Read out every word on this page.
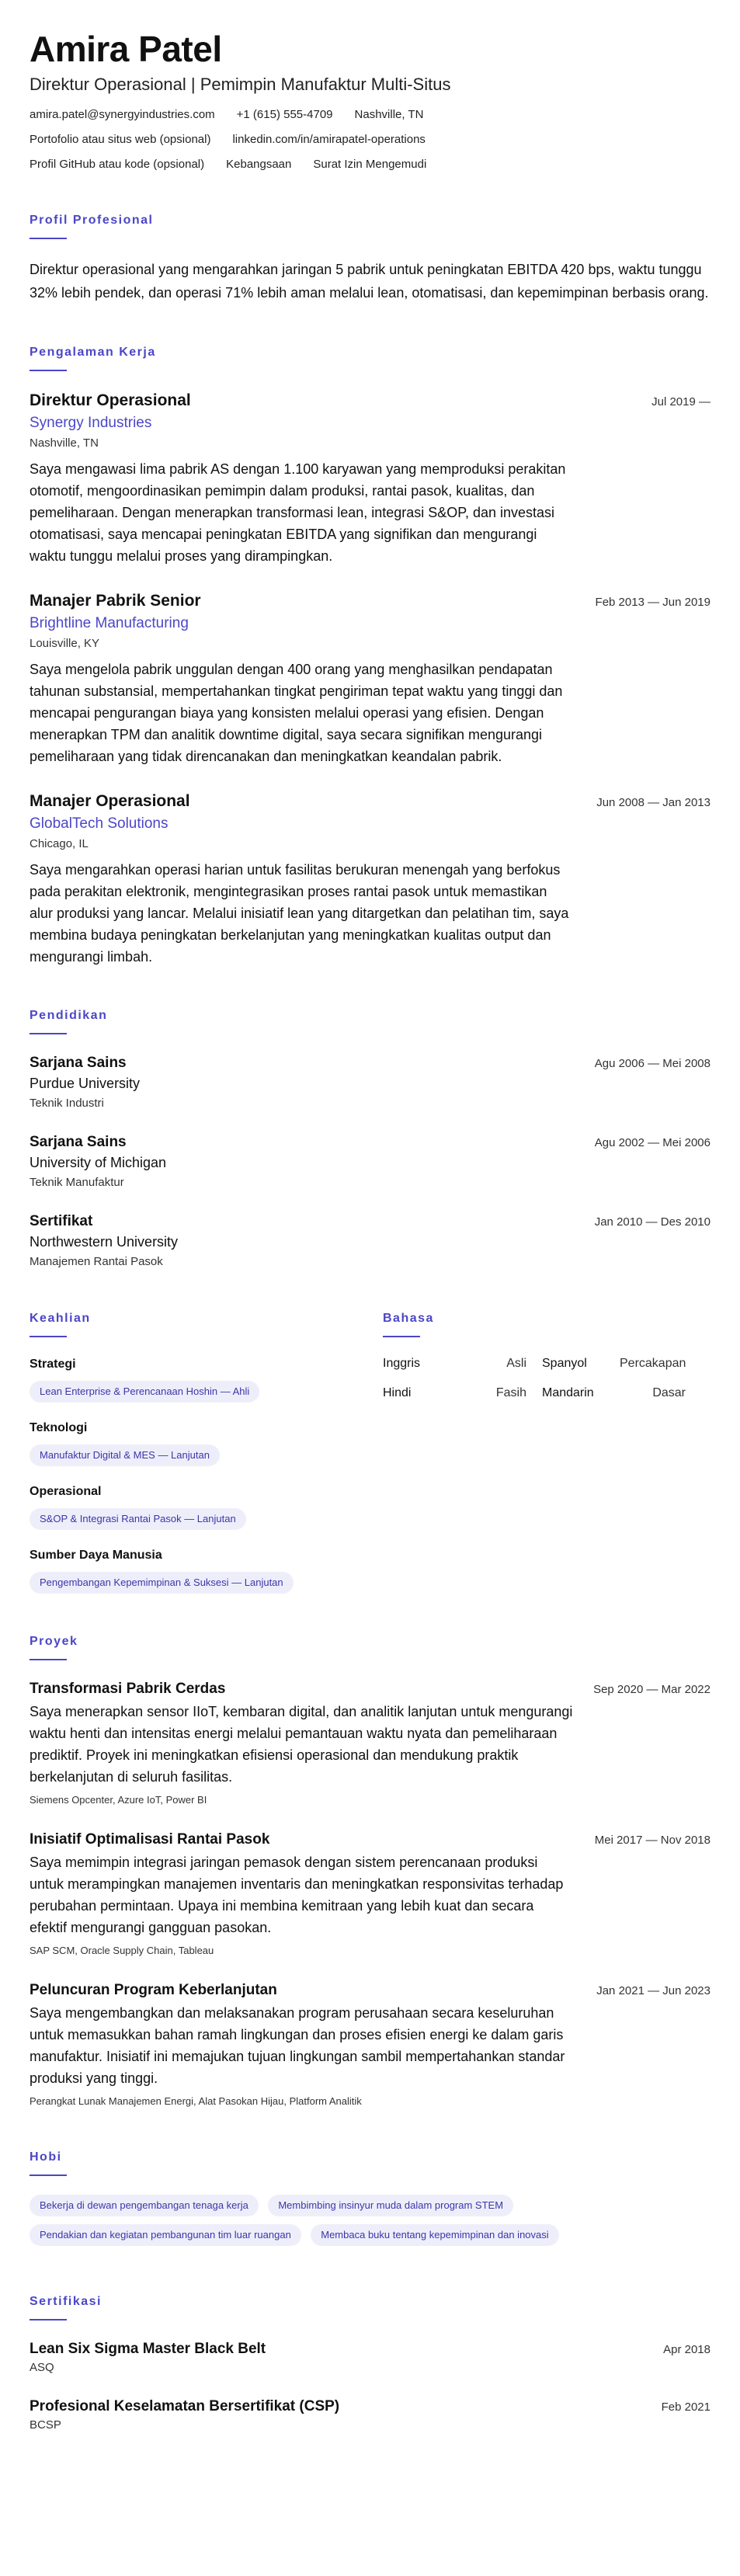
Amira Patel
Direktur Operasional | Pemimpin Manufaktur Multi-Situs
amira.patel@synergyindustries.com +1 (615) 555-4709 Nashville, TN
Portofolio atau situs web (opsional) linkedin.com/in/amirapatel-operations
Profil GitHub atau kode (opsional) Kebangsaan Surat Izin Mengemudi
Profil Profesional

Direktur operasional yang mengarahkan jaringan 5 pabrik untuk peningkatan EBITDA 420 bps, waktu tunggu 32% lebih pendek, dan operasi 71% lebih aman melalui lean, otomatisasi, dan kepemimpinan berbasis orang.

Pengalaman Kerja
Direktur Operasional	Jul 2019 —
Synergy Industries
Nashville, TN
Saya mengawasi lima pabrik AS dengan 1.100 karyawan yang memproduksi perakitan otomotif, mengoordinasikan pemimpin dalam produksi, rantai pasok, kualitas, dan pemeliharaan. Dengan menerapkan transformasi lean, integrasi S&OP, dan investasi otomatisasi, saya mencapai peningkatan EBITDA yang signifikan dan mengurangi waktu tunggu melalui proses yang dirampingkan.
Manajer Pabrik Senior	Feb 2013 — Jun 2019
Brightline Manufacturing
Louisville, KY
Saya mengelola pabrik unggulan dengan 400 orang yang menghasilkan pendapatan tahunan substansial, mempertahankan tingkat pengiriman tepat waktu yang tinggi dan mencapai pengurangan biaya yang konsisten melalui operasi yang efisien. Dengan menerapkan TPM dan analitik downtime digital, saya secara signifikan mengurangi pemeliharaan yang tidak direncanakan dan meningkatkan keandalan pabrik.
Manajer Operasional	Jun 2008 — Jan 2013
GlobalTech Solutions
Chicago, IL
Saya mengarahkan operasi harian untuk fasilitas berukuran menengah yang berfokus pada perakitan elektronik, mengintegrasikan proses rantai pasok untuk memastikan alur produksi yang lancar. Melalui inisiatif lean yang ditargetkan dan pelatihan tim, saya membina budaya peningkatan berkelanjutan yang meningkatkan kualitas output dan mengurangi limbah.
Pendidikan
Sarjana Sains	Agu 2006 — Mei 2008
Purdue University
Teknik Industri
Sarjana Sains	Agu 2002 — Mei 2006
University of Michigan
Teknik Manufaktur
Sertifikat	Jan 2010 — Des 2010
Northwestern University
Manajemen Rantai Pasok
Keahlian
Strategi
Lean Enterprise & Perencanaan Hoshin — Ahli
Teknologi
Manufaktur Digital & MES — Lanjutan
Operasional
S&OP & Integrasi Rantai Pasok — Lanjutan
Sumber Daya Manusia
Pengembangan Kepemimpinan & Suksesi — Lanjutan
Bahasa
Inggris	Asli	Spanyol	Percakapan
Hindi	Fasih	Mandarin	Dasar
Proyek
Transformasi Pabrik Cerdas	Sep 2020 — Mar 2022
Saya menerapkan sensor IIoT, kembaran digital, dan analitik lanjutan untuk mengurangi waktu henti dan intensitas energi melalui pemantauan waktu nyata dan pemeliharaan prediktif. Proyek ini meningkatkan efisiensi operasional dan mendukung praktik berkelanjutan di seluruh fasilitas.
Siemens Opcenter, Azure IoT, Power BI
Inisiatif Optimalisasi Rantai Pasok	Mei 2017 — Nov 2018
Saya memimpin integrasi jaringan pemasok dengan sistem perencanaan produksi untuk merampingkan manajemen inventaris dan meningkatkan responsivitas terhadap perubahan permintaan. Upaya ini membina kemitraan yang lebih kuat dan secara efektif mengurangi gangguan pasokan.
SAP SCM, Oracle Supply Chain, Tableau
Peluncuran Program Keberlanjutan	Jan 2021 — Jun 2023
Saya mengembangkan dan melaksanakan program perusahaan secara keseluruhan untuk memasukkan bahan ramah lingkungan dan proses efisien energi ke dalam garis manufaktur. Inisiatif ini memajukan tujuan lingkungan sambil mempertahankan standar produksi yang tinggi.
Perangkat Lunak Manajemen Energi, Alat Pasokan Hijau, Platform Analitik
Hobi
Bekerja di dewan pengembangan tenaga kerja	Membimbing insinyur muda dalam program STEM Pendakian dan kegiatan pembangunan tim luar ruangan	Membaca buku tentang kepemimpinan dan inovasi
Sertifikasi
Lean Six Sigma Master Black Belt	Apr 2018
ASQ
Profesional Keselamatan Bersertifikat (CSP)	Feb 2021
BCSP
